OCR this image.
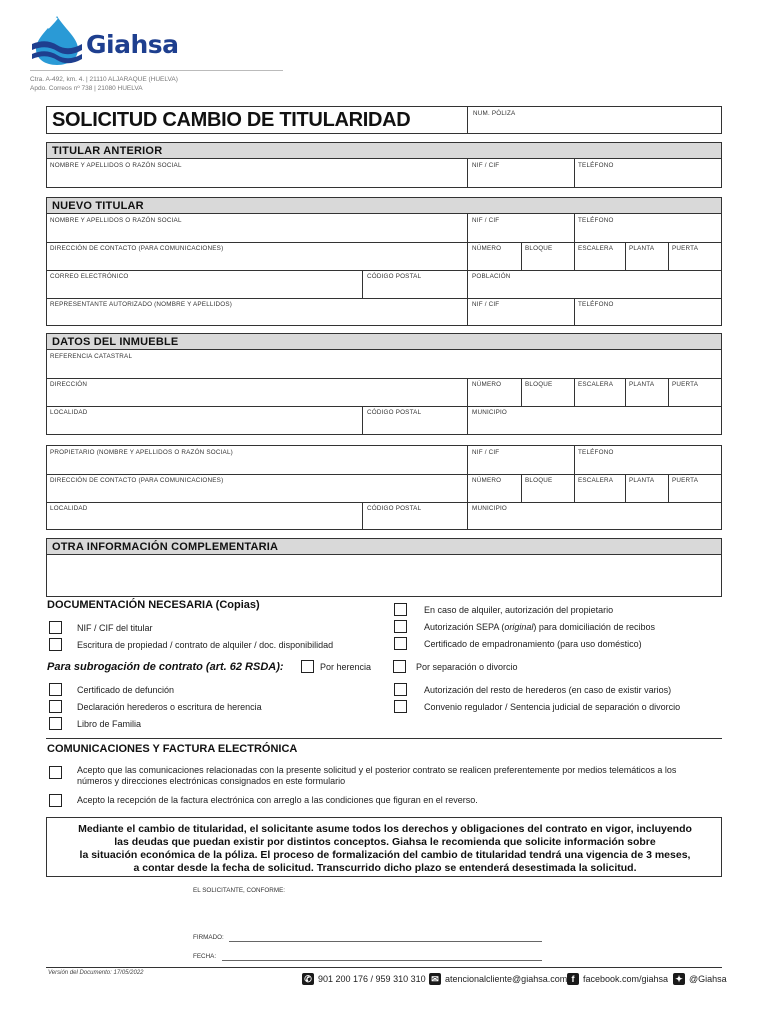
Giahsa
Ctra. A-492, km. 4. | 21110 ALJARAQUE (HUELVA)
Apdo. Correos nº 738 | 21080 HUELVA
SOLICITUD CAMBIO DE TITULARIDAD	NUM. PÓLIZA
TITULAR ANTERIOR
NOMBRE Y APELLIDOS O RAZÓN SOCIAL	NIF / CIF	TELÉFONO
NUEVO TITULAR
NOMBRE Y APELLIDOS O RAZÓN SOCIAL	NIF / CIF	TELÉFONO
DIRECCIÓN DE CONTACTO (PARA COMUNICACIONES)	NÚMERO	BLOQUE	ESCALERA	PLANTA	PUERTA
CORREO ELECTRÓNICO	CÓDIGO POSTAL	POBLACIÓN
REPRESENTANTE AUTORIZADO (NOMBRE Y APELLIDOS)	NIF / CIF	TELÉFONO
DATOS DEL INMUEBLE
REFERENCIA CATASTRAL
DIRECCIÓN	NÚMERO	BLOQUE	ESCALERA	PLANTA	PUERTA
LOCALIDAD	CÓDIGO POSTAL	MUNICIPIO
PROPIETARIO (NOMBRE Y APELLIDOS O RAZÓN SOCIAL)	NIF / CIF	TELÉFONO
DIRECCIÓN DE CONTACTO (PARA COMUNICACIONES)	NÚMERO	BLOQUE	ESCALERA	PLANTA	PUERTA
LOCALIDAD	CÓDIGO POSTAL	MUNICIPIO
OTRA INFORMACIÓN COMPLEMENTARIA
DOCUMENTACIÓN NECESARIA (Copias)
NIF / CIF del titular
Escritura de propiedad / contrato de alquiler / doc. disponibilidad
En caso de alquiler, autorización del propietario
Autorización SEPA (original) para domiciliación de recibos
Certificado de empadronamiento (para uso doméstico)
Para subrogación de contrato (art. 62 RSDA):	Por herencia	Por separación o divorcio
Certificado de defunción
Declaración herederos o escritura de herencia
Libro de Familia
Autorización del resto de herederos (en caso de existir varios)
Convenio regulador / Sentencia judicial de separación o divorcio
COMUNICACIONES Y FACTURA ELECTRÓNICA
Acepto que las comunicaciones relacionadas con la presente solicitud y el posterior contrato se realicen preferentemente por medios telemáticos a los
números y direcciones electrónicas consignados en este formulario
Acepto la recepción de la factura electrónica con arreglo a las condiciones que figuran en el reverso.
Mediante el cambio de titularidad, el solicitante asume todos los derechos y obligaciones del contrato en vigor, incluyendo
las deudas que puedan existir por distintos conceptos. Giahsa le recomienda que solicite información sobre
la situación económica de la póliza. El proceso de formalización del cambio de titularidad tendrá una vigencia de 3 meses,
a contar desde la fecha de solicitud. Transcurrido dicho plazo se entenderá desestimada la solicitud.
EL SOLICITANTE, CONFORME:
FIRMADO:
FECHA:
Versión del Documento: 17/05/2022
✆ 901 200 176 / 959 310 310 ✉ atencionalcliente@giahsa.com f facebook.com/giahsa ✦ @Giahsa
